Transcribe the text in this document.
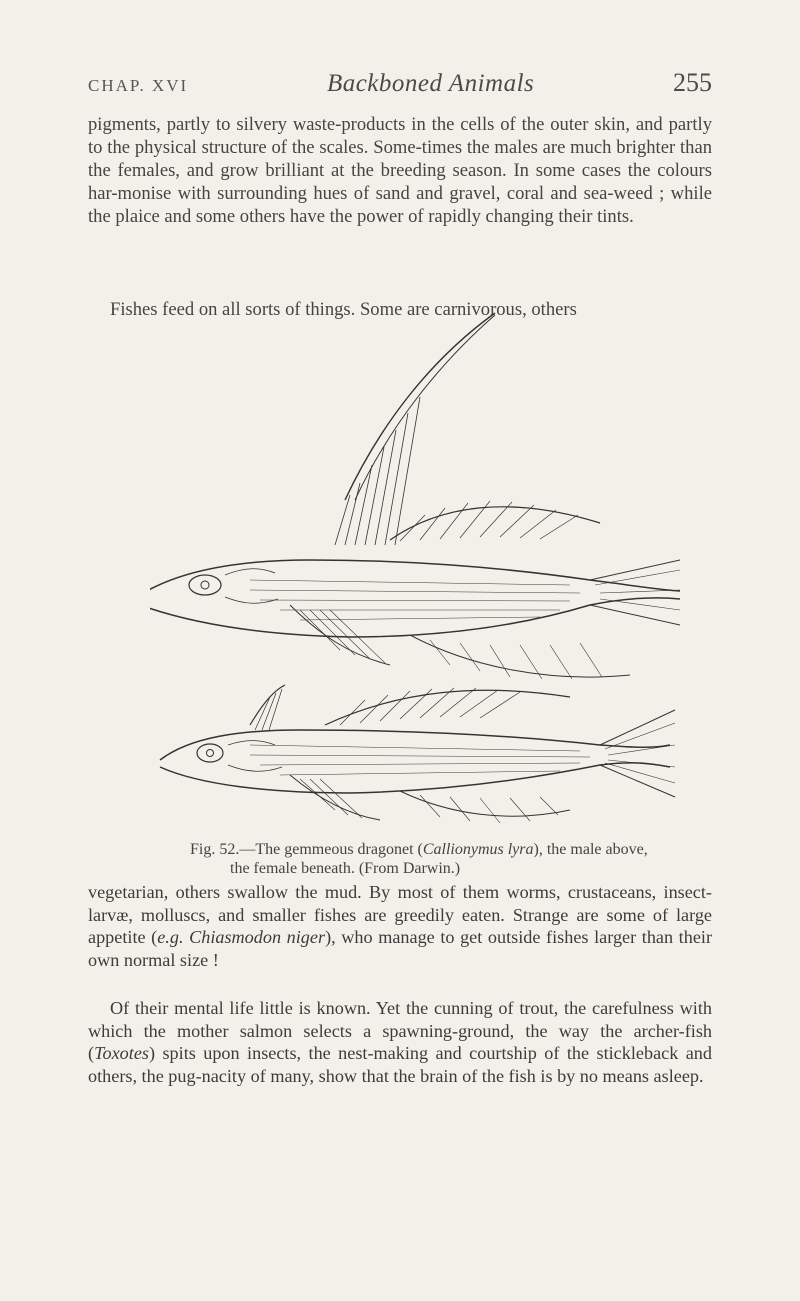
CHAP. XVI	Backboned Animals	255

pigments, partly to silvery waste-products in the cells of the outer skin, and partly to the physical structure of the scales. Some-times the males are much brighter than the females, and grow brilliant at the breeding season. In some cases the colours har-monise with surrounding hues of sand and gravel, coral and sea-weed ; while the plaice and some others have the power of rapidly changing their tints.

Fishes feed on all sorts of things. Some are carnivorous, others

Fig. 52.—The gemmeous dragonet (Callionymus lyra), the male above,
the female beneath. (From Darwin.)

vegetarian, others swallow the mud. By most of them worms, crustaceans, insect-larvæ, molluscs, and smaller fishes are greedily eaten. Strange are some of large appetite (e.g. Chiasmodon niger), who manage to get outside fishes larger than their own normal size !

Of their mental life little is known. Yet the cunning of trout, the carefulness with which the mother salmon selects a spawning-ground, the way the archer-fish (Toxotes) spits upon insects, the nest-making and courtship of the stickleback and others, the pug-nacity of many, show that the brain of the fish is by no means asleep.
